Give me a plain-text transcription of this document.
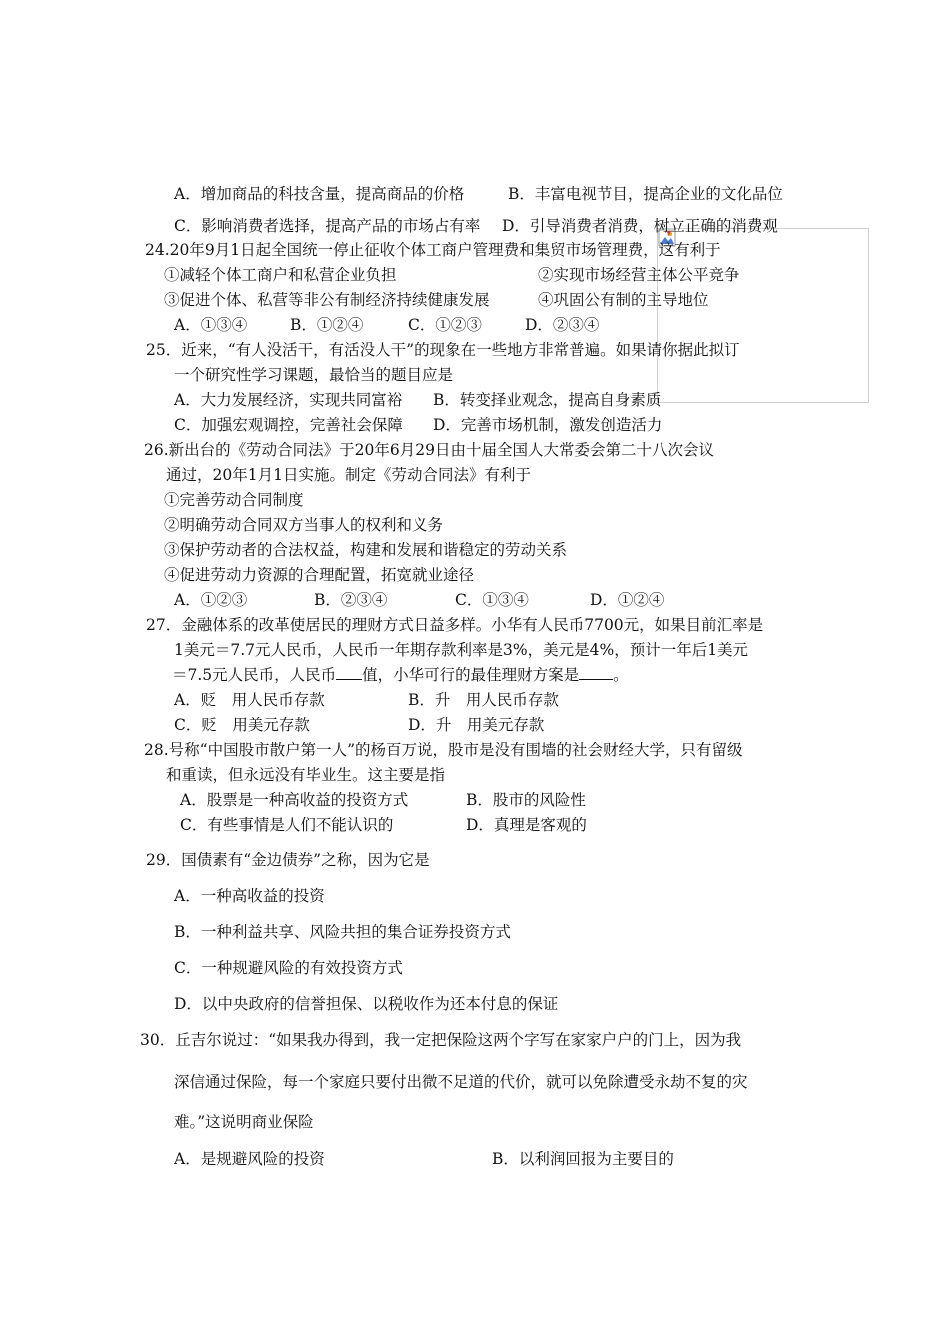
A．增加商品的科技含量，提高商品的价格	B．丰富电视节目，提高企业的文化品位
C．影响消费者选择，提高产品的市场占有率 D．引导消费者消费，树立正确的消费观
24.20年9月1日起全国统一停止征收个体工商户管理费和集贸市场管理费，这有利于
①减轻个体工商户和私营企业负担	②实现市场经营主体公平竞争
③促进个体、私营等非公有制经济持续健康发展	④巩固公有制的主导地位
A．①③④	B．①②④	C．①②③	D．②③④
25．近来，“有人没活干，有活没人干”的现象在一些地方非常普遍。如果请你据此拟订
一个研究性学习课题，最恰当的题目应是
A．大力发展经济，实现共同富裕 B．转变择业观念，提高自身素质
C．加强宏观调控，完善社会保障 D．完善市场机制，激发创造活力
26.新出台的《劳动合同法》于20年6月29日由十届全国人大常委会第二十八次会议
通过，20年1月1日实施。制定《劳动合同法》有利于
①完善劳动合同制度
②明确劳动合同双方当事人的权利和义务
③保护劳动者的合法权益，构建和发展和谐稳定的劳动关系
④促进劳动力资源的合理配置，拓宽就业途径
A．①②③	B．②③④	C．①③④	D．①②④
27．金融体系的改革使居民的理财方式日益多样。小华有人民币7700元，如果目前汇率是
1美元＝7.7元人民币，人民币一年期存款利率是3%，美元是4%，预计一年后1美元
＝7.5元人民币，人民币 值，小华可行的最佳理财方案是 。
A．贬　用人民币存款	B．升　用人民币存款
C．贬　用美元存款	D．升　用美元存款
28.号称“中国股市散户第一人”的杨百万说，股市是没有围墙的社会财经大学，只有留级
和重读，但永远没有毕业生。这主要是指
A．股票是一种高收益的投资方式	B．股市的风险性
C．有些事情是人们不能认识的	D．真理是客观的
29．国债素有“金边债券”之称，因为它是
A．一种高收益的投资
B．一种利益共享、风险共担的集合证券投资方式
C．一种规避风险的有效投资方式
D．以中央政府的信誉担保、以税收作为还本付息的保证
30．丘吉尔说过：“如果我办得到，我一定把保险这两个字写在家家户户的门上，因为我
深信通过保险，每一个家庭只要付出微不足道的代价，就可以免除遭受永劫不复的灾
难。”这说明商业保险
A．是规避风险的投资	B．以利润回报为主要目的
